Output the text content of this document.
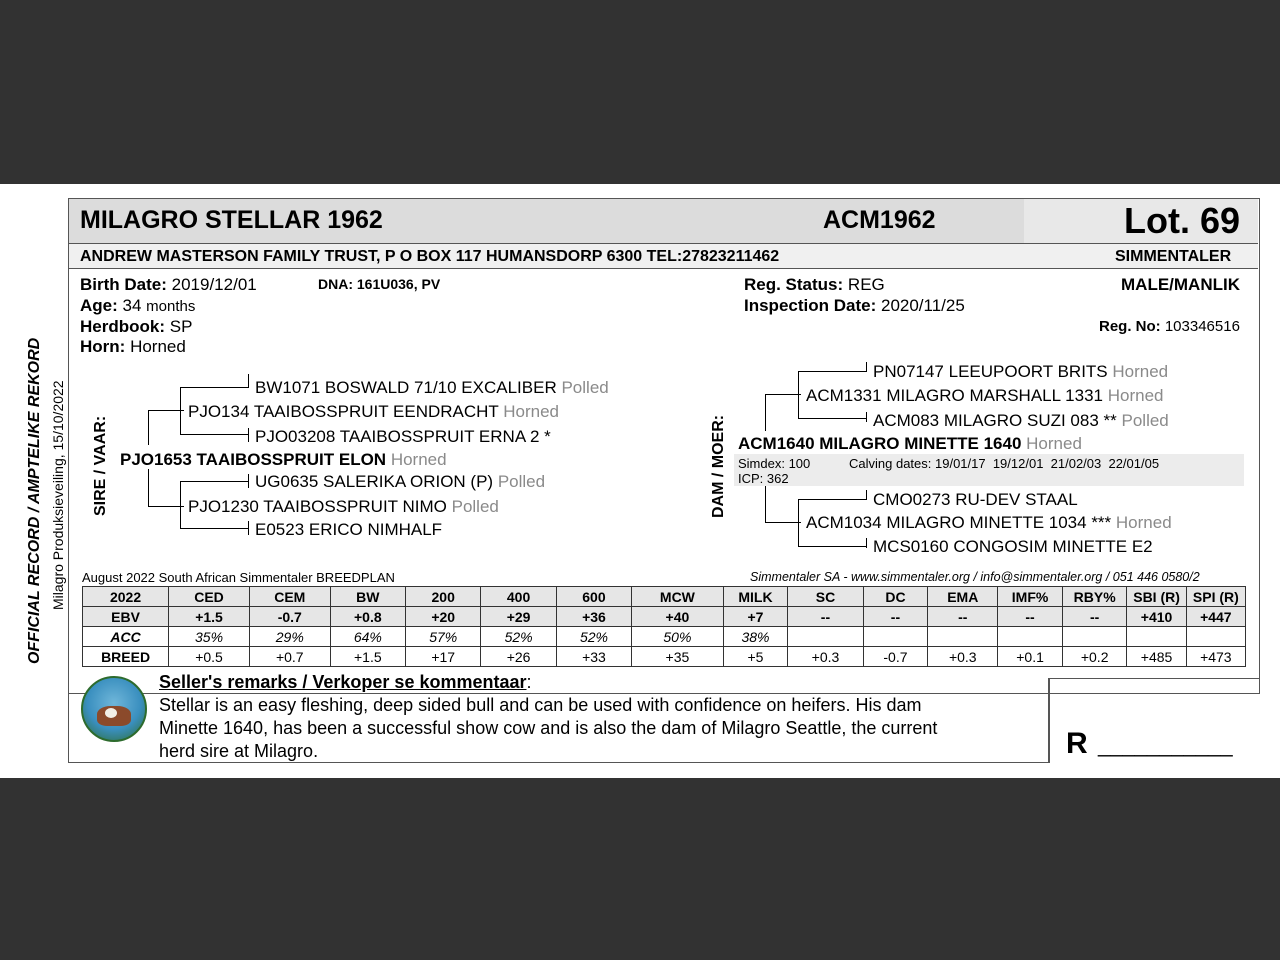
MILAGRO STELLAR 1962	ACM1962	Lot. 69
ANDREW MASTERSON FAMILY TRUST, P O BOX 117 HUMANSDORP 6300 TEL:27823211462	SIMMENTALER
Birth Date: 2019/12/01	DNA: 161U036, PV
Age: 34 months
Herdbook: SP
Horn: Horned
Reg. Status: REG
Inspection Date: 2020/11/25
MALE/MANLIK
Reg. No: 103346516
OFFICIAL RECORD / AMPTELIKE REKORD Milagro Produksieveiling, 15/10/2022 SIRE / VAAR:	DAM / MOER:
BW1071 BOSWALD 71/10 EXCALIBER Polled
PJO134 TAAIBOSSPRUIT EENDRACHT Horned
PJO03208 TAAIBOSSPRUIT ERNA 2 *
PJO1653 TAAIBOSSPRUIT ELON Horned
UG0635 SALERIKA ORION (P) Polled
PJO1230 TAAIBOSSPRUIT NIMO Polled
E0523 ERICO NIMHALF
PN07147 LEEUPOORT BRITS Horned
ACM1331 MILAGRO MARSHALL 1331 Horned
ACM083 MILAGRO SUZI 083 ** Polled
ACM1640 MILAGRO MINETTE 1640 Horned
Simdex: 100
ICP: 362
Calving dates: 19/01/17  19/12/01  21/02/03  22/01/05
CMO0273 RU-DEV STAAL
ACM1034 MILAGRO MINETTE 1034 *** Horned
MCS0160 CONGOSIM MINETTE E2
August 2022 South African Simmentaler BREEDPLAN	Simmentaler SA - www.simmentaler.org / info@simmentaler.org / 051 446 0580/2
2022	CED	CEM	BW	200	400	600	MCW	MILK	SC	DC	EMA	IMF%	RBY%	SBI (R)	SPI (R)
EBV	+1.5	-0.7	+0.8	+20	+29	+36	+40	+7	--	--	--	--	--	+410	+447
ACC	35%	29%	64%	57%	52%	52%	50%	38%							
BREED	+0.5	+0.7	+1.5	+17	+26	+33	+35	+5	+0.3	-0.7	+0.3	+0.1	+0.2	+485	+473
Seller's remarks / Verkoper se kommentaar:
Stellar is an easy fleshing, deep sided bull and can be used with confidence on heifers. His dam
Minette 1640, has been a successful show cow and is also the dam of Milagro Seattle, the current
herd sire at Milagro.	R ___________
